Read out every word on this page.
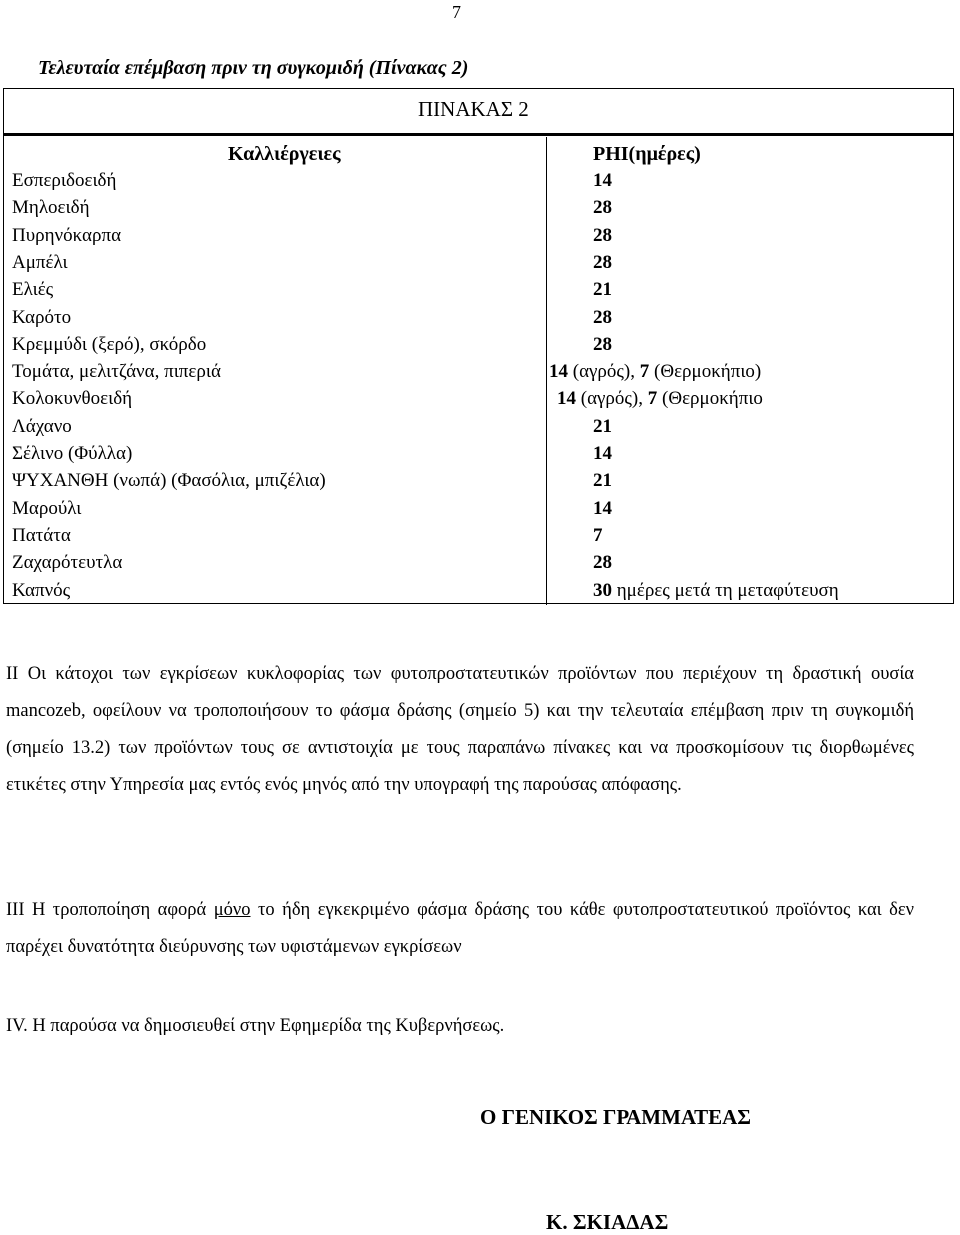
7
Τελευταία επέμβαση πριν τη συγκομιδή (Πίνακας 2)
ΠΙΝΑΚΑΣ 2
Καλλιέργειες	PHI(ημέρες)
Εσπεριδοειδή	14
Μηλοειδή	28
Πυρηνόκαρπα	28
Αμπέλι	28
Ελιές	21
Καρότο	28
Κρεμμύδι (ξερό), σκόρδο	28
Τομάτα, μελιτζάνα, πιπεριά	14 (αγρός), 7 (Θερμοκήπιο)
Κολοκυνθοειδή	14 (αγρός), 7 (Θερμοκήπιο
Λάχανο	21
Σέλινο (Φύλλα)	14
ΨΥΧΑΝΘΗ (νωπά) (Φασόλια, μπιζέλια)	21
Μαρούλι	14
Πατάτα	7
Ζαχαρότευτλα	28
Καπνός	30 ημέρες μετά τη μεταφύτευση
ΙΙ Οι κάτοχοι των εγκρίσεων κυκλοφορίας των φυτοπροστατευτικών προϊόντων που περιέχουν τη δραστική ουσία mancozeb, οφείλουν να τροποποιήσουν το φάσμα δράσης (σημείο 5) και την τελευταία επέμβαση πριν τη συγκομιδή (σημείο 13.2) των προϊόντων τους σε αντιστοιχία με τους παραπάνω πίνακες και να προσκομίσουν τις διορθωμένες ετικέτες στην Υπηρεσία μας εντός ενός μηνός από την υπογραφή της παρούσας απόφασης.
ΙΙΙ Η τροποποίηση αφορά μόνο το ήδη εγκεκριμένο φάσμα δράσης του κάθε φυτοπροστατευτικού προϊόντος και δεν παρέχει δυνατότητα διεύρυνσης των υφιστάμενων εγκρίσεων
ΙV. Η παρούσα να δημοσιευθεί στην Εφημερίδα της Κυβερνήσεως.
Ο ΓΕΝΙΚΟΣ ΓΡΑΜΜΑΤΕΑΣ
Κ. ΣΚΙΑΔΑΣ
